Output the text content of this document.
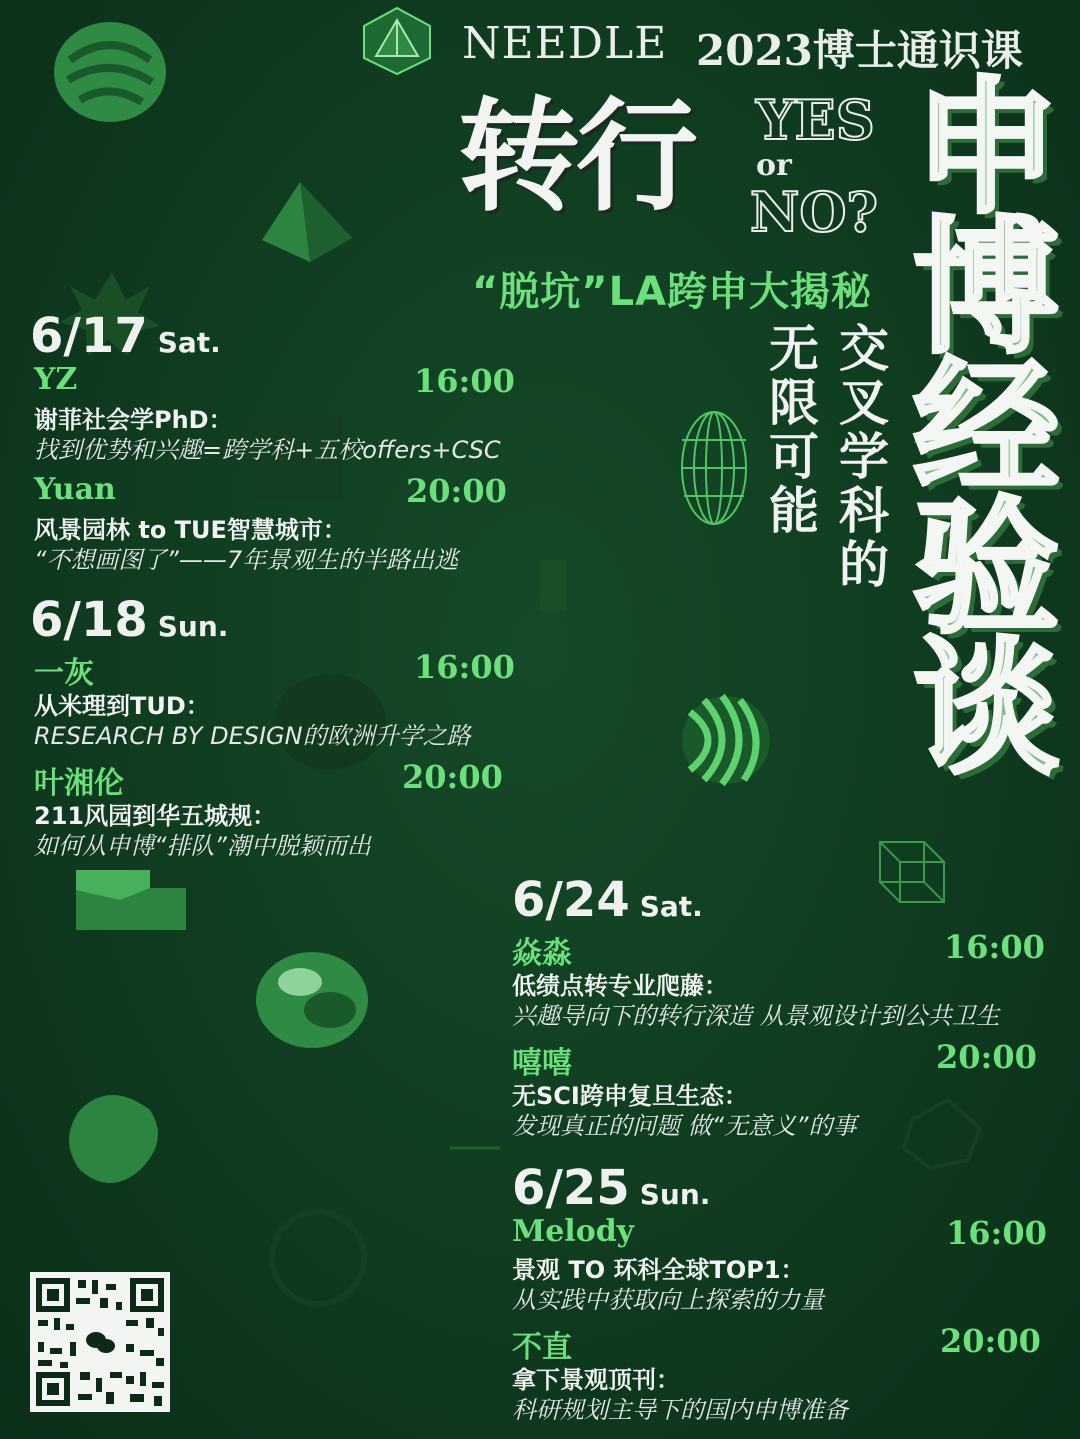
NEEDLE 2023博士通识课
转行 YES
or
NO?
“脱坑”LA跨申大揭秘
交叉学科的
无限可能 申博经验谈
6/17 Sat.
YZ	16:00
谢菲社会学PhD：
找到优势和兴趣=跨学科+五校offers+CSC
Yuan	20:00
风景园林 to TUE智慧城市：
“不想画图了”——7年景观生的半路出逃
6/18 Sun.
一灰	16:00
从米理到TUD：
RESEARCH BY DESIGN的欧洲升学之路
叶湘伦	20:00
211风园到华五城规：
如何从申博“排队”潮中脱颖而出
6/24 Sat.
焱淼	16:00
低绩点转专业爬藤：
兴趣导向下的转行深造 从景观设计到公共卫生
嘻嘻	20:00
无SCI跨申复旦生态：
发现真正的问题 做“无意义”的事
6/25 Sun.
Melody	16:00
景观 TO 环科全球TOP1：
从实践中获取向上探索的力量
不直	20:00
拿下景观顶刊：
科研规划主导下的国内申博准备
